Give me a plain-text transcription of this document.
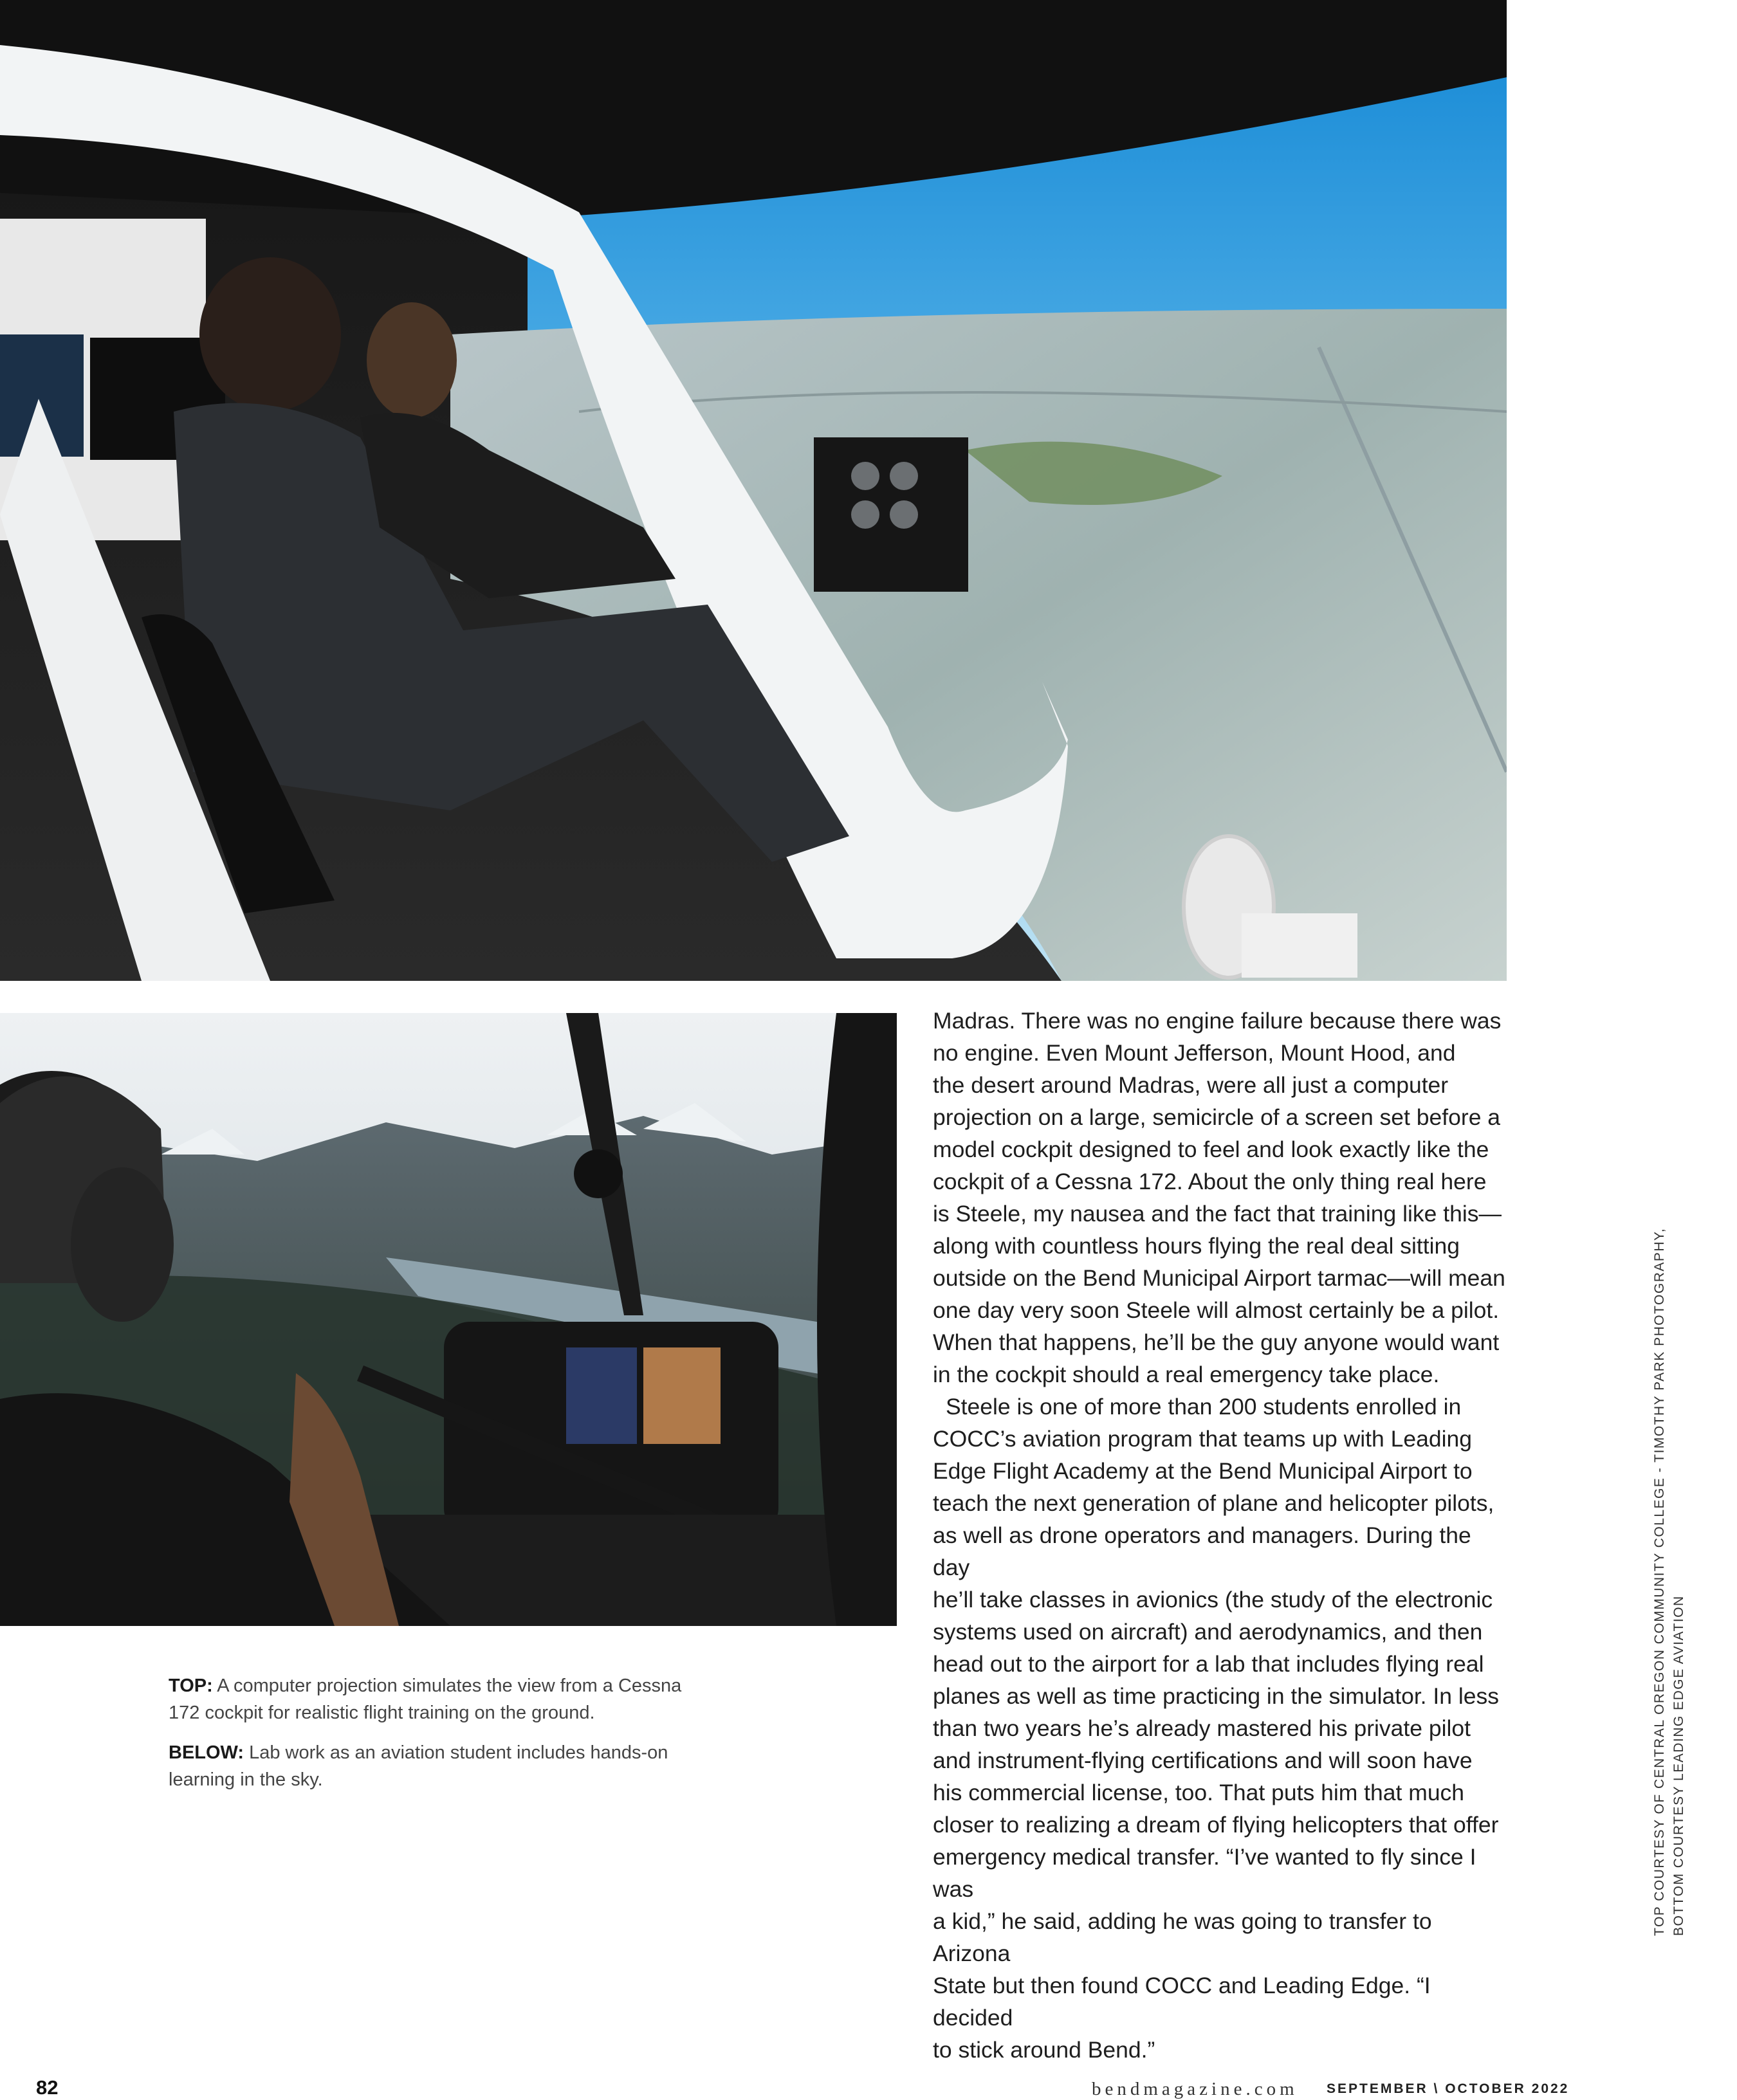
TOP: A computer projection simulates the view from a Cessna 172 cockpit for realistic flight training on the ground.

BELOW: Lab work as an aviation student includes hands-on learning in the sky.

Madras. There was no engine failure because there was
no engine. Even Mount Jefferson, Mount Hood, and
the desert around Madras, were all just a computer
projection on a large, semicircle of a screen set before a
model cockpit designed to feel and look exactly like the
cockpit of a Cessna 172. About the only thing real here
is Steele, my nausea and the fact that training like this—
along with countless hours flying the real deal sitting
outside on the Bend Municipal Airport tarmac—will mean
one day very soon Steele will almost certainly be a pilot.
When that happens, he’ll be the guy anyone would want
in the cockpit should a real emergency take place.

Steele is one of more than 200 students enrolled in
COCC’s aviation program that teams up with Leading
Edge Flight Academy at the Bend Municipal Airport to
teach the next generation of plane and helicopter pilots,
as well as drone operators and managers. During the day
he’ll take classes in avionics (the study of the electronic
systems used on aircraft) and aerodynamics, and then
head out to the airport for a lab that includes flying real
planes as well as time practicing in the simulator. In less
than two years he’s already mastered his private pilot
and instrument-flying certifications and will soon have
his commercial license, too. That puts him that much
closer to realizing a dream of flying helicopters that offer
emergency medical transfer. “I’ve wanted to fly since I was
a kid,” he said, adding he was going to transfer to Arizona
State but then found COCC and Leading Edge. “I decided
to stick around Bend.”

TOP COURTESY OF CENTRAL OREGON COMMUNITY COLLEGE - TIMOTHY PARK PHOTOGRAPHY, BOTTOM COURTESY LEADING EDGE AVIATION
82	bendmagazine.com SEPTEMBER \ OCTOBER 2022
